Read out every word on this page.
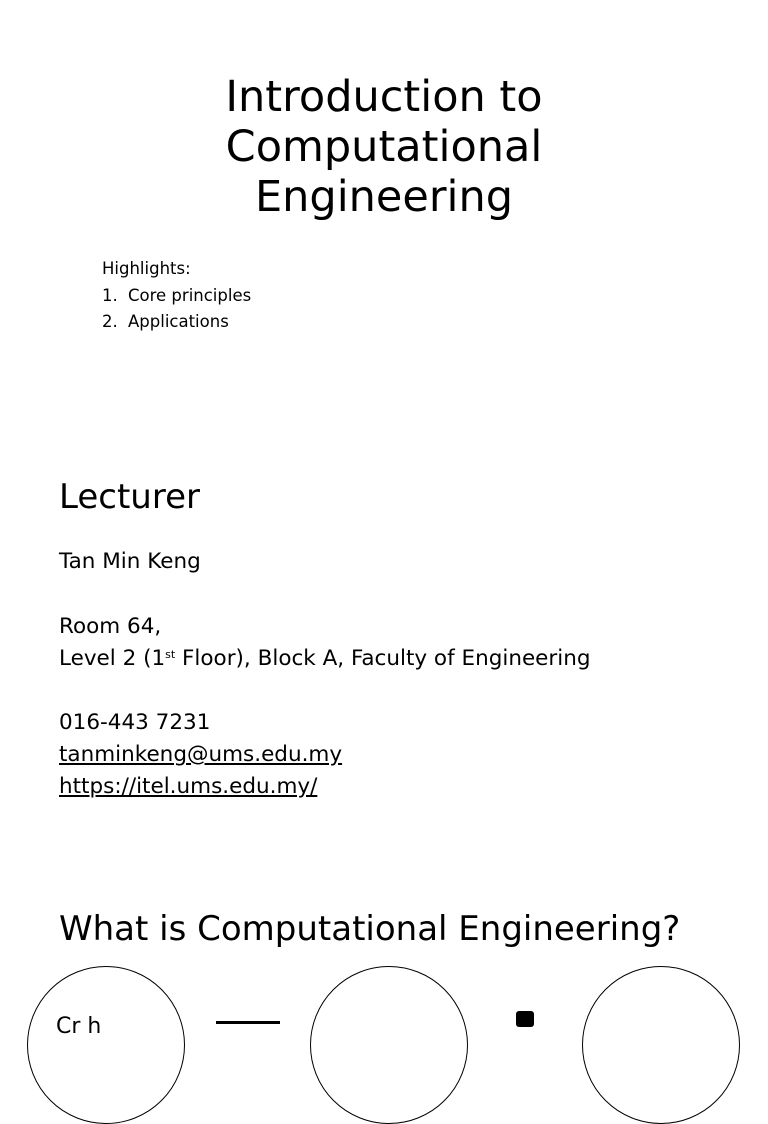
Introduction to
Computational
Engineering
Highlights:
1. Core principles
2. Applications
Lecturer
Tan Min Keng
Room 64,
Level 2 (1st Floor), Block A, Faculty of Engineering
016-443 7231
tanminkeng@ums.edu.my
https://itel.ums.edu.my/
What is Computational Engineering?
Cr h
